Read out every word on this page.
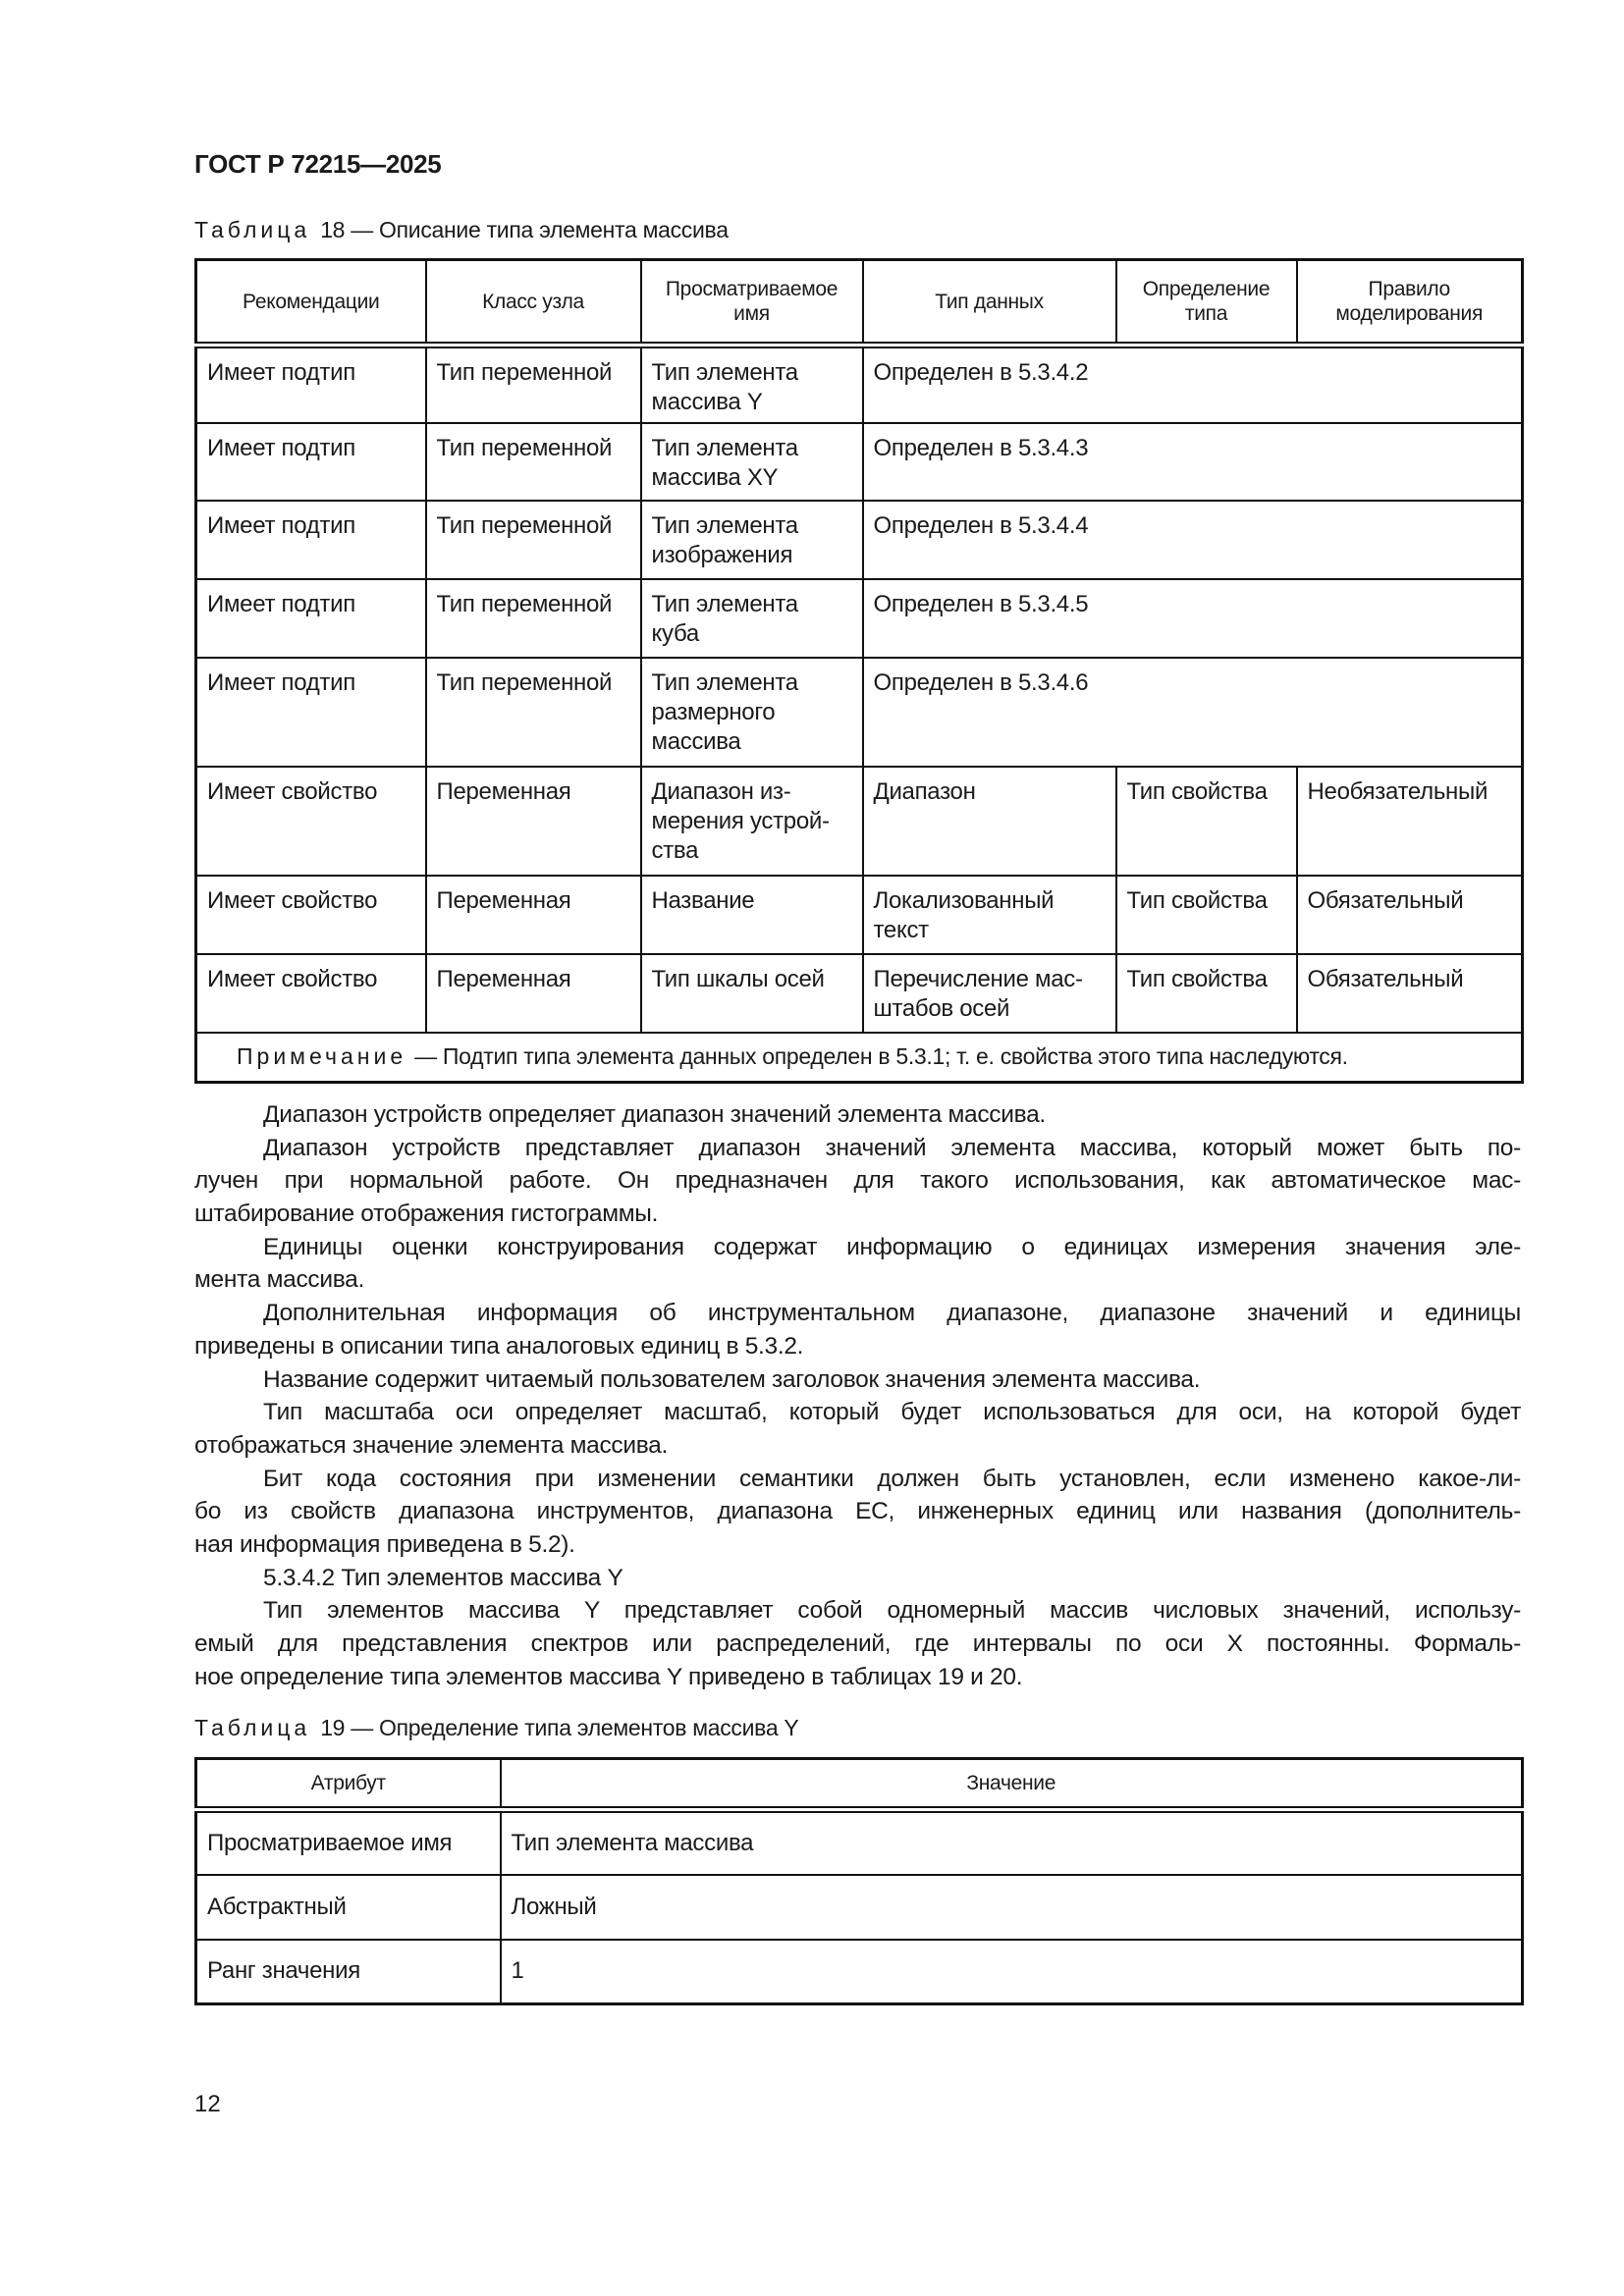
ГОСТ Р 72215—2025
Таблица 18 — Описание типа элемента массива
Рекомендации	Класс узла	Просматриваемое имя	Тип данных	Определение типа	Правило моделирования
Имеет подтип	Тип переменной	Тип элемента массива Y	Определен в 5.3.4.2		
Имеет подтип	Тип переменной	Тип элемента массива XY	Определен в 5.3.4.3		
Имеет подтип	Тип переменной	Тип элемента изображения	Определен в 5.3.4.4		
Имеет подтип	Тип переменной	Тип элемента куба	Определен в 5.3.4.5		
Имеет подтип	Тип переменной	Тип элемента размерного массива	Определен в 5.3.4.6		
Имеет свойство	Переменная	Диапазон из-мерения устрой-ства	Диапазон	Тип свойства	Необязательный
Имеет свойство	Переменная	Название	Локализованный текст	Тип свойства	Обязательный
Имеет свойство	Переменная	Тип шкалы осей	Перечисление мас-штабов осей	Тип свойства	Обязательный
Примечание — Подтип типа элемента данных определен в 5.3.1; т. е. свойства этого типа наследуются.					
Диапазон устройств определяет диапазон значений элемента массива.
Диапазон устройств представляет диапазон значений элемента массива, который может быть по-
лучен при нормальной работе. Он предназначен для такого использования, как автоматическое мас-
штабирование отображения гистограммы.
Единицы оценки конструирования содержат информацию о единицах измерения значения эле-
мента массива.
Дополнительная информация об инструментальном диапазоне, диапазоне значений и единицы
приведены в описании типа аналоговых единиц в 5.3.2.
Название содержит читаемый пользователем заголовок значения элемента массива.
Тип масштаба оси определяет масштаб, который будет использоваться для оси, на которой будет
отображаться значение элемента массива.
Бит кода состояния при изменении семантики должен быть установлен, если изменено какое-ли-
бо из свойств диапазона инструментов, диапазона ЕС, инженерных единиц или названия (дополнитель-
ная информация приведена в 5.2).
5.3.4.2 Тип элементов массива Y
Тип элементов массива Y представляет собой одномерный массив числовых значений, использу-
емый для представления спектров или распределений, где интервалы по оси X постоянны. Формаль-
ное определение типа элементов массива Y приведено в таблицах 19 и 20.
Таблица 19 — Определение типа элементов массива Y
Атрибут	Значение
Просматриваемое имя	Тип элемента массива
Абстрактный	Ложный
Ранг значения	1
12
